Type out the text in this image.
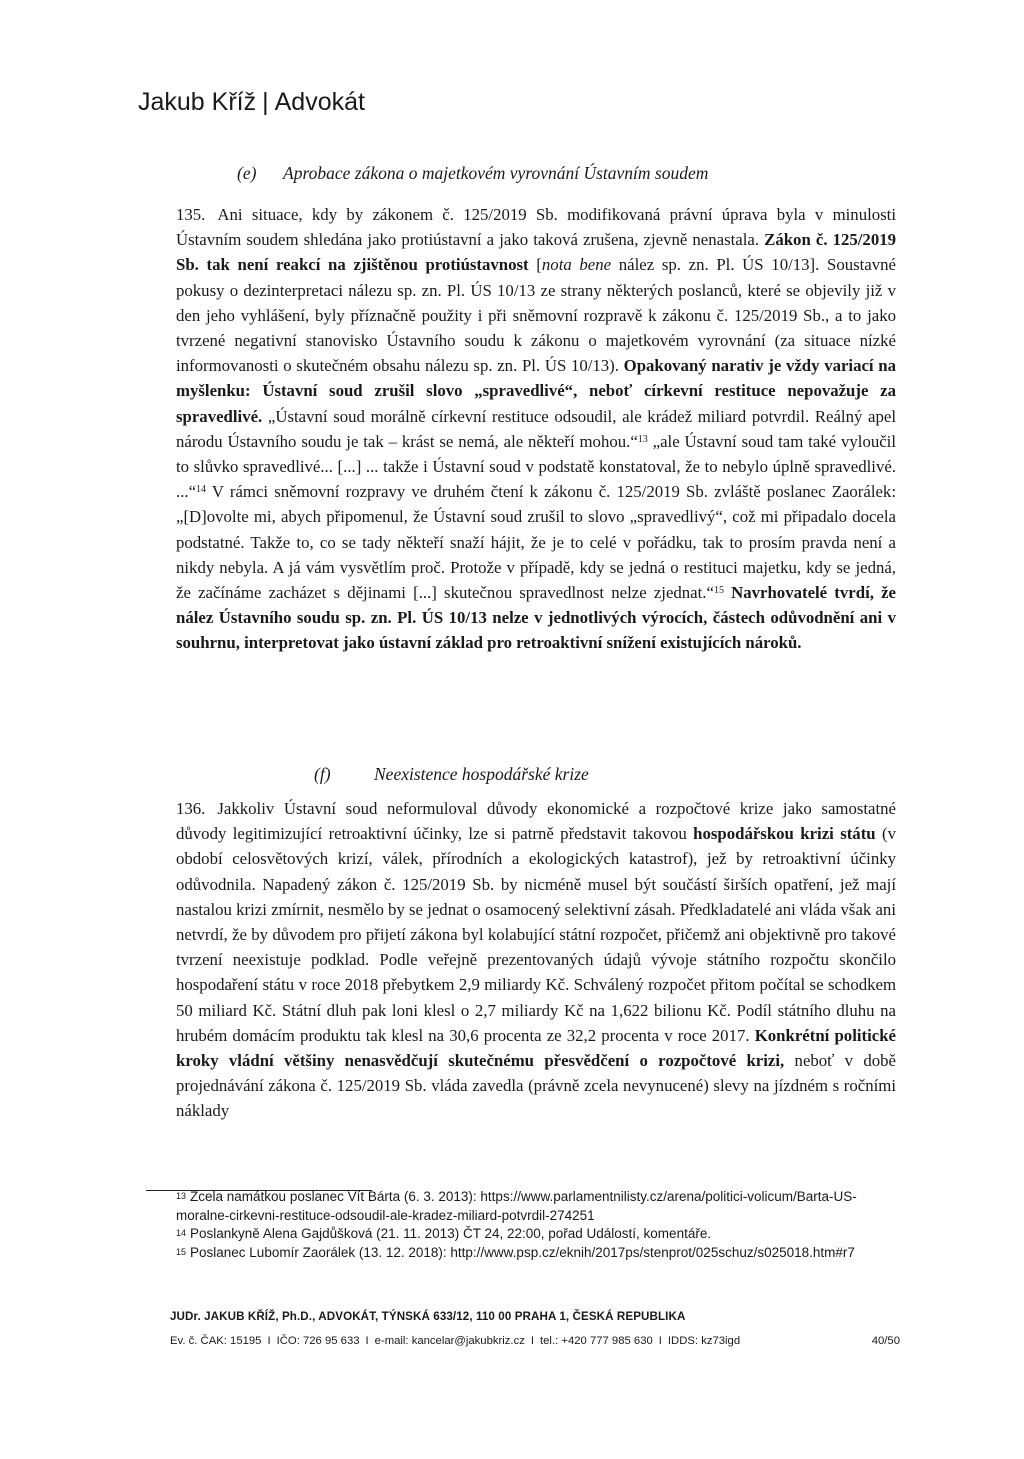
Jakub Kříž | Advokát
(e) Aprobace zákona o majetkovém vyrovnání Ústavním soudem
135. Ani situace, kdy by zákonem č. 125/2019 Sb. modifikovaná právní úprava byla v minulosti Ústavním soudem shledána jako protiústavní a jako taková zrušena, zjevně nenastala. Zákon č. 125/2019 Sb. tak není reakcí na zjištěnou protiústavnost [nota bene nález sp. zn. Pl. ÚS 10/13]. Soustavné pokusy o dezinterpretaci nálezu sp. zn. Pl. ÚS 10/13 ze strany některých poslanců, které se objevily již v den jeho vyhlášení, byly příznačně použity i při sněmovní rozpravě k zákonu č. 125/2019 Sb., a to jako tvrzené negativní stanovisko Ústavního soudu k zákonu o majetkovém vyrovnání (za situace nízké informovanosti o skutečném obsahu nálezu sp. zn. Pl. ÚS 10/13). Opakovaný narativ je vždy variací na myšlenku: Ústavní soud zrušil slovo „spravedlivé“, neboť církevní restituce nepovažuje za spravedlivé. „Ústavní soud morálně církevní restituce odsoudil, ale krádež miliard potvrdil. Reálný apel národu Ústavního soudu je tak – krást se nemá, ale někteří mohou.“$^{13}$ „ale Ústavní soud tam také vyloučil to slůvko spravedlivé... [...] ... takže i Ústavní soud v podstatě konstatoval, že to nebylo úplně spravedlivé. ...“$^{14}$ V rámci sněmovní rozpravy ve druhém čtení k zákonu č. 125/2019 Sb. zvláště poslanec Zaorálek: „[D]ovolte mi, abych připomenul, že Ústavní soud zrušil to slovo „spravedlivý“, což mi připadalo docela podstatné. Takže to, co se tady někteří snaží hájit, že je to celé v pořádku, tak to prosím pravda není a nikdy nebyla. A já vám vysvětlím proč. Protože v případě, kdy se jedná o restituci majetku, kdy se jedná, že začínáme zacházet s dějinami [...] skutečnou spravedlnost nelze zjednat.“$^{15}$ Navrhovatelé tvrdí, že nález Ústavního soudu sp. zn. Pl. ÚS 10/13 nelze v jednotlivých výrocích, částech odůvodnění ani v souhrnu, interpretovat jako ústavní základ pro retroaktivní snížení existujících nároků.
(f) Neexistence hospodářské krize
136. Jakkoliv Ústavní soud neformuloval důvody ekonomické a rozpočtové krize jako samostatné důvody legitimizující retroaktivní účinky, lze si patrně představit takovou hospodářskou krizi státu (v období celosvětových krizí, válek, přírodních a ekologických katastrof), jež by retroaktivní účinky odůvodnila. Napadený zákon č. 125/2019 Sb. by nicméně musel být součástí širších opatření, jež mají nastalou krizi zmírnit, nesmělo by se jednat o osamocený selektivní zásah. Předkladatelé ani vláda však ani netvrdí, že by důvodem pro přijetí zákona byl kolabující státní rozpočet, přičemž ani objektivně pro takové tvrzení neexistuje podklad. Podle veřejně prezentovaných údajů vývoje státního rozpočtu skončilo hospodaření státu v roce 2018 přebytkem 2,9 miliardy Kč. Schválený rozpočet přitom počítal se schodkem 50 miliard Kč. Státní dluh pak loni klesl o 2,7 miliardy Kč na 1,622 bilionu Kč. Podíl státního dluhu na hrubém domácím produktu tak klesl na 30,6 procenta ze 32,2 procenta v roce 2017. Konkrétní politické kroky vládní většiny nenasvědčují skutečnému přesvědčení o rozpočtové krizi, neboť v době projednávání zákona č. 125/2019 Sb. vláda zavedla (právně zcela nevynucené) slevy na jízdném s ročními náklady

$^{13}$ Zcela namátkou poslanec Vít Bárta (6. 3. 2013): https://www.parlamentnilisty.cz/arena/politici-volicum/Barta-US-moralne-cirkevni-restituce-odsoudil-ale-kradez-miliard-potvrdil-274251

$^{14}$ Poslankyně Alena Gajdůšková (21. 11. 2013) ČT 24, 22:00, pořad Událostí, komentáře.

$^{15}$ Poslanec Lubomír Zaorálek (13. 12. 2018): http://www.psp.cz/eknih/2017ps/stenprot/025schuz/s025018.htm#r7

JUDr. JAKUB KŘÍŽ, Ph.D., ADVOKÁT, TÝNSKÁ 633/12, 110 00 PRAHA 1, ČESKÁ REPUBLIKA
Ev. č. ČAK: 15195 I IČO: 726 95 633 I e-mail: kancelar@jakubkriz.cz I tel.: +420 777 985 630 I IDDS: kz73igd	40/50
